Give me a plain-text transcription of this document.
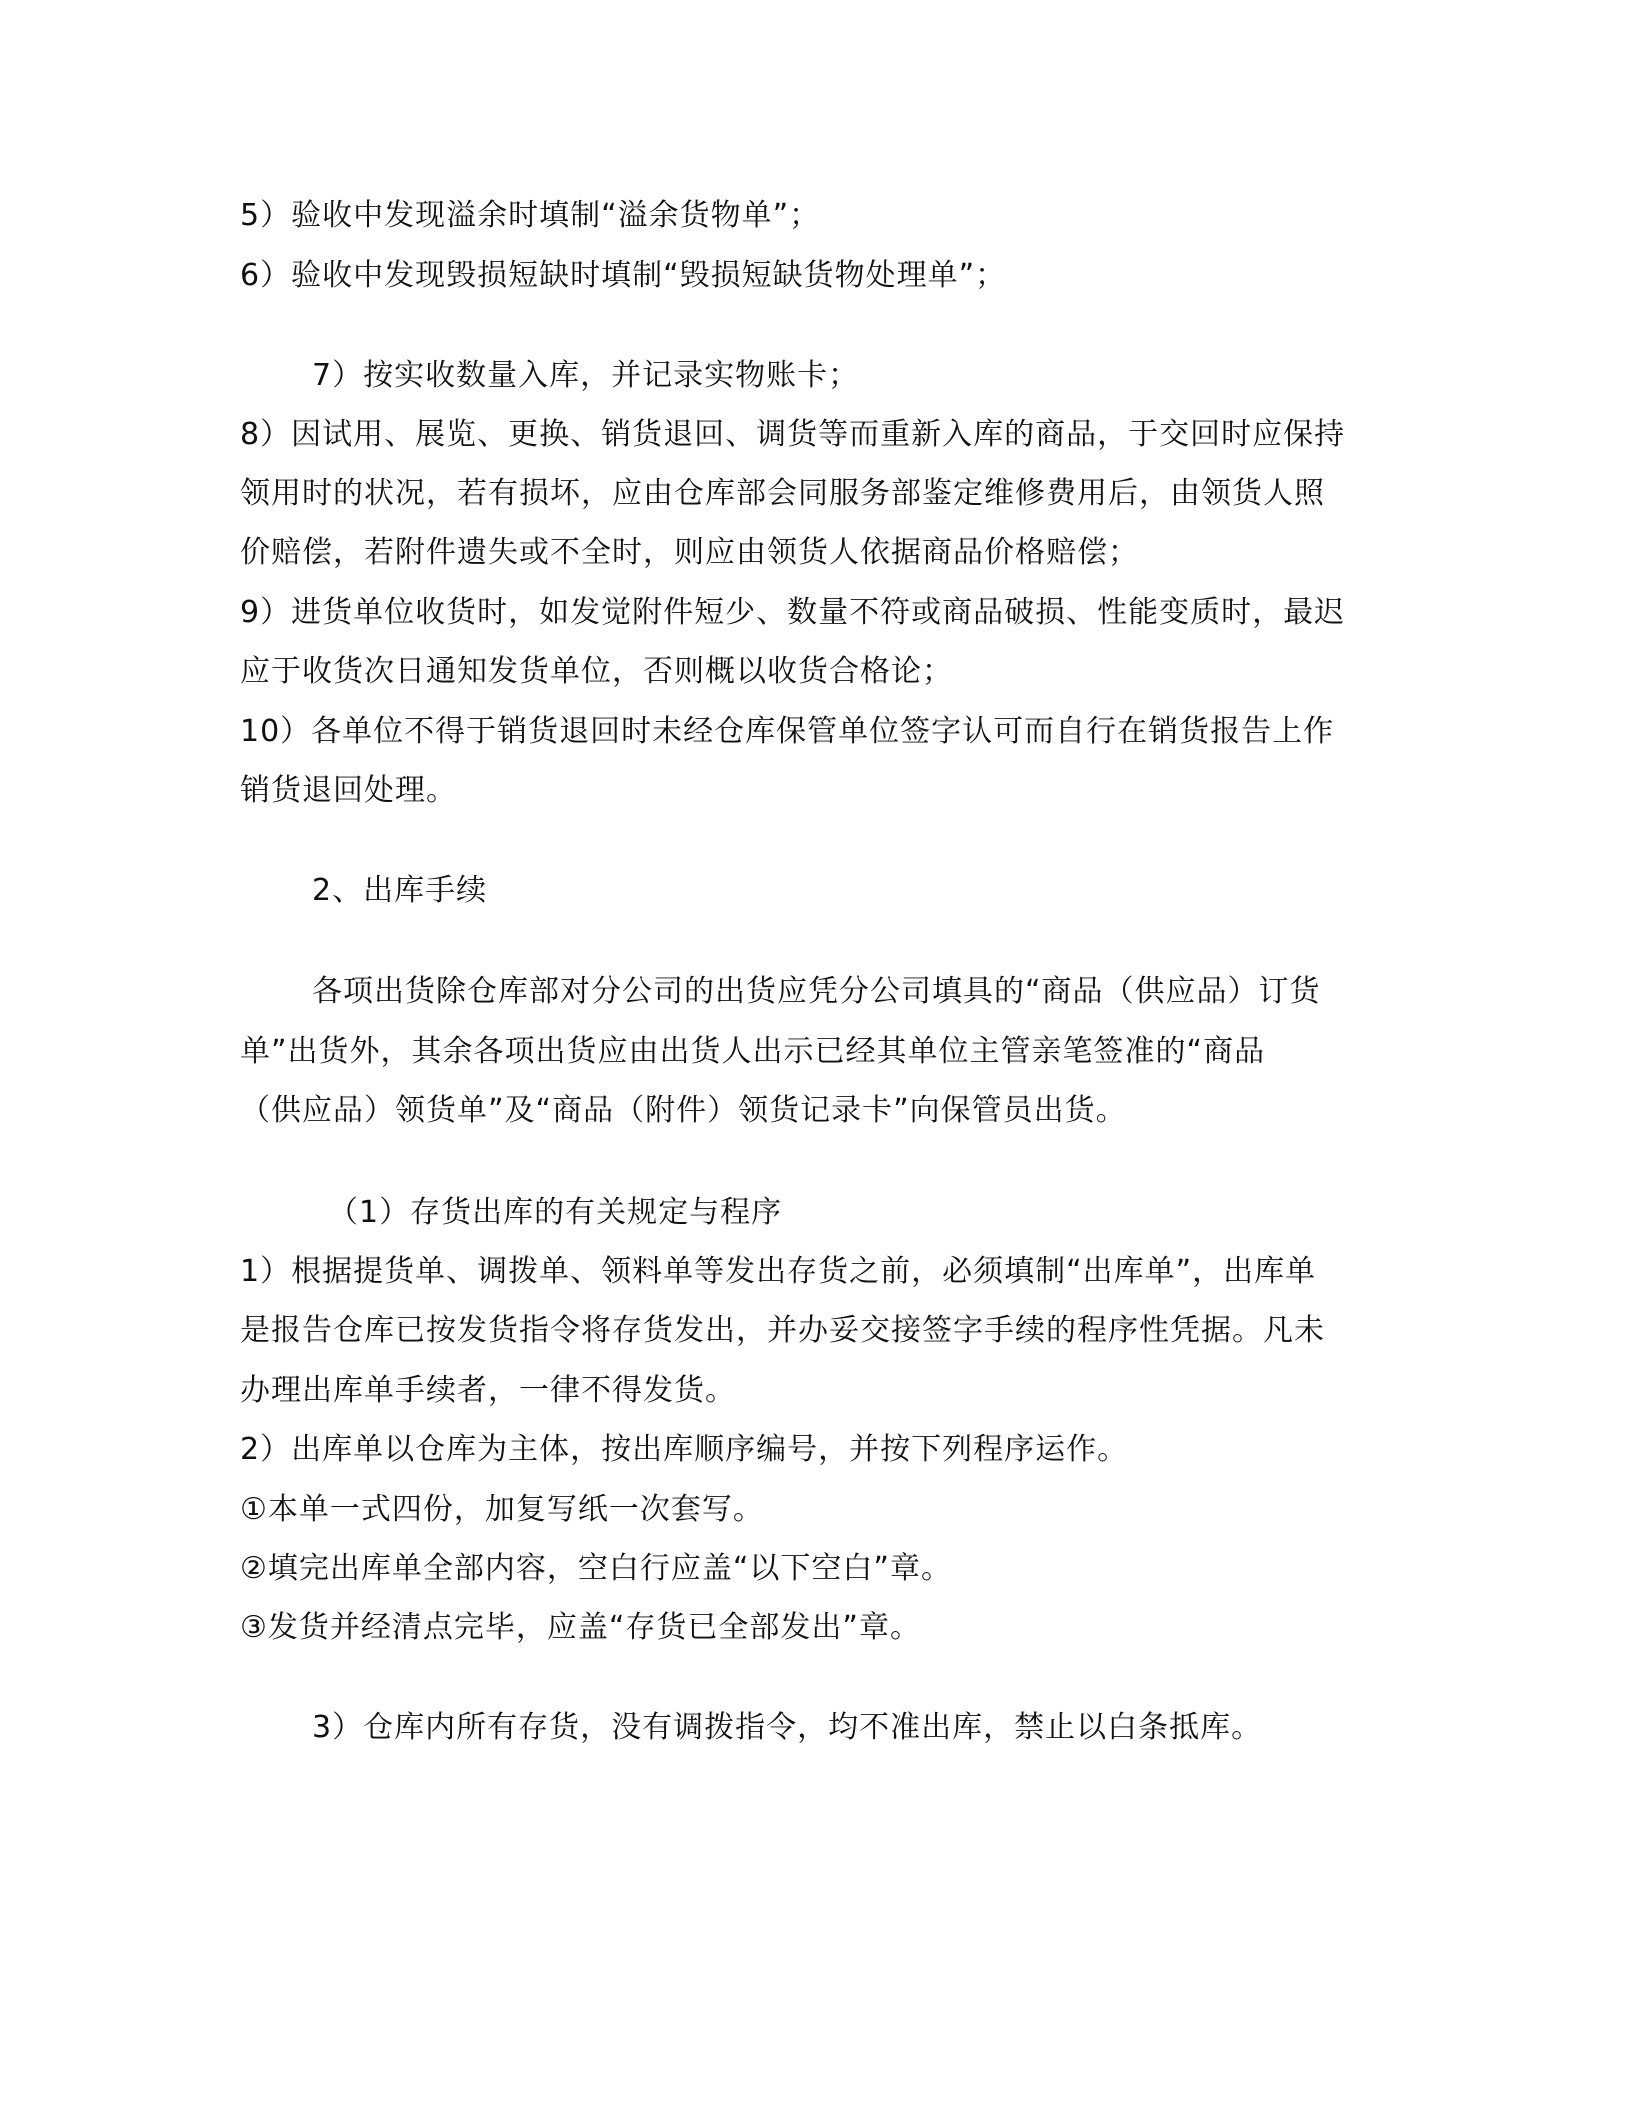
5）验收中发现溢余时填制“溢余货物单”；
6）验收中发现毁损短缺时填制“毁损短缺货物处理单”；
7）按实收数量入库，并记录实物账卡；
8）因试用、展览、更换、销货退回、调货等而重新入库的商品，于交回时应保持
领用时的状况，若有损坏，应由仓库部会同服务部鉴定维修费用后，由领货人照
价赔偿，若附件遗失或不全时，则应由领货人依据商品价格赔偿；
9）进货单位收货时，如发觉附件短少、数量不符或商品破损、性能变质时，最迟
应于收货次日通知发货单位，否则概以收货合格论；
10）各单位不得于销货退回时未经仓库保管单位签字认可而自行在销货报告上作
销货退回处理。
2、出库手续
各项出货除仓库部对分公司的出货应凭分公司填具的“商品（供应品）订货
单”出货外，其余各项出货应由出货人出示已经其单位主管亲笔签准的“商品
（供应品）领货单”及“商品（附件）领货记录卡”向保管员出货。
（1）存货出库的有关规定与程序
1）根据提货单、调拨单、领料单等发出存货之前，必须填制“出库单”，出库单
是报告仓库已按发货指令将存货发出，并办妥交接签字手续的程序性凭据。凡未
办理出库单手续者，一律不得发货。
2）出库单以仓库为主体，按出库顺序编号，并按下列程序运作。
①本单一式四份，加复写纸一次套写。
②填完出库单全部内容，空白行应盖“以下空白”章。
③发货并经清点完毕，应盖“存货已全部发出”章。
3）仓库内所有存货，没有调拨指令，均不准出库，禁止以白条抵库。
